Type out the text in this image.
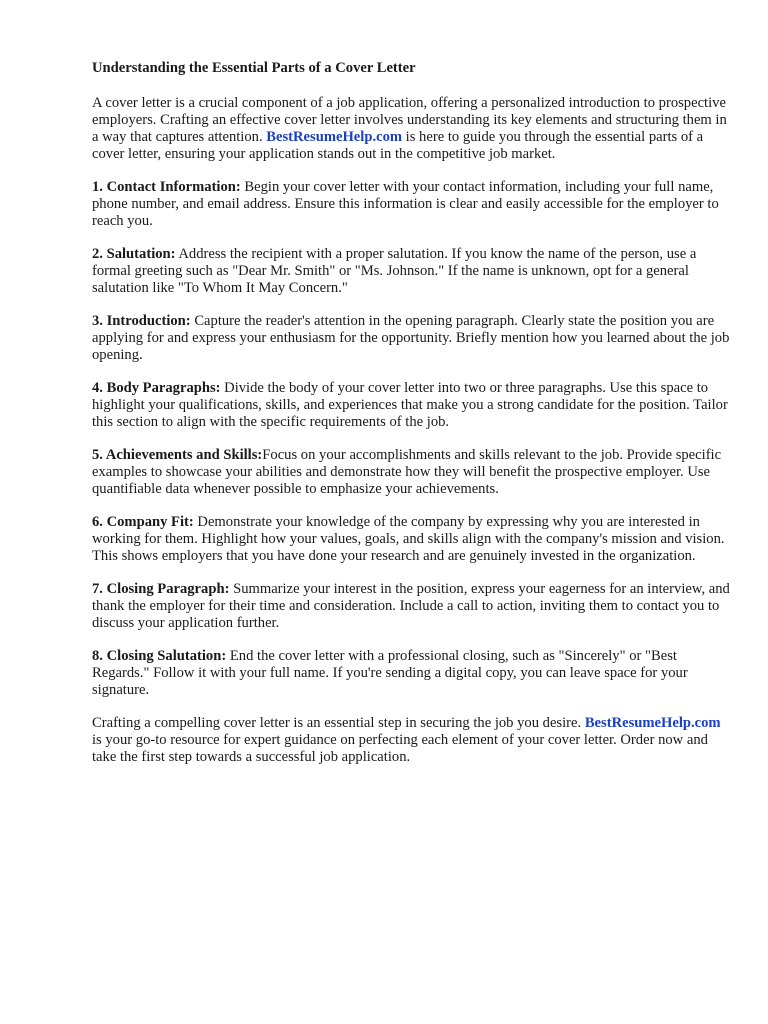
Understanding the Essential Parts of a Cover Letter

A cover letter is a crucial component of a job application, offering a personalized introduction to prospective employers. Crafting an effective cover letter involves understanding its key elements and structuring them in a way that captures attention. BestResumeHelp.com is here to guide you through the essential parts of a cover letter, ensuring your application stands out in the competitive job market.

1. Contact Information: Begin your cover letter with your contact information, including your full name, phone number, and email address. Ensure this information is clear and easily accessible for the employer to reach you.

2. Salutation: Address the recipient with a proper salutation. If you know the name of the person, use a formal greeting such as "Dear Mr. Smith" or "Ms. Johnson." If the name is unknown, opt for a general salutation like "To Whom It May Concern."

3. Introduction: Capture the reader's attention in the opening paragraph. Clearly state the position you are applying for and express your enthusiasm for the opportunity. Briefly mention how you learned about the job opening.

4. Body Paragraphs: Divide the body of your cover letter into two or three paragraphs. Use this space to highlight your qualifications, skills, and experiences that make you a strong candidate for the position. Tailor this section to align with the specific requirements of the job.

5. Achievements and Skills:Focus on your accomplishments and skills relevant to the job. Provide specific examples to showcase your abilities and demonstrate how they will benefit the prospective employer. Use quantifiable data whenever possible to emphasize your achievements.

6. Company Fit: Demonstrate your knowledge of the company by expressing why you are interested in working for them. Highlight how your values, goals, and skills align with the company's mission and vision. This shows employers that you have done your research and are genuinely invested in the organization.

7. Closing Paragraph: Summarize your interest in the position, express your eagerness for an interview, and thank the employer for their time and consideration. Include a call to action, inviting them to contact you to discuss your application further.

8. Closing Salutation: End the cover letter with a professional closing, such as "Sincerely" or "Best Regards." Follow it with your full name. If you're sending a digital copy, you can leave space for your signature.

Crafting a compelling cover letter is an essential step in securing the job you desire. BestResumeHelp.com is your go-to resource for expert guidance on perfecting each element of your cover letter. Order now and take the first step towards a successful job application.
